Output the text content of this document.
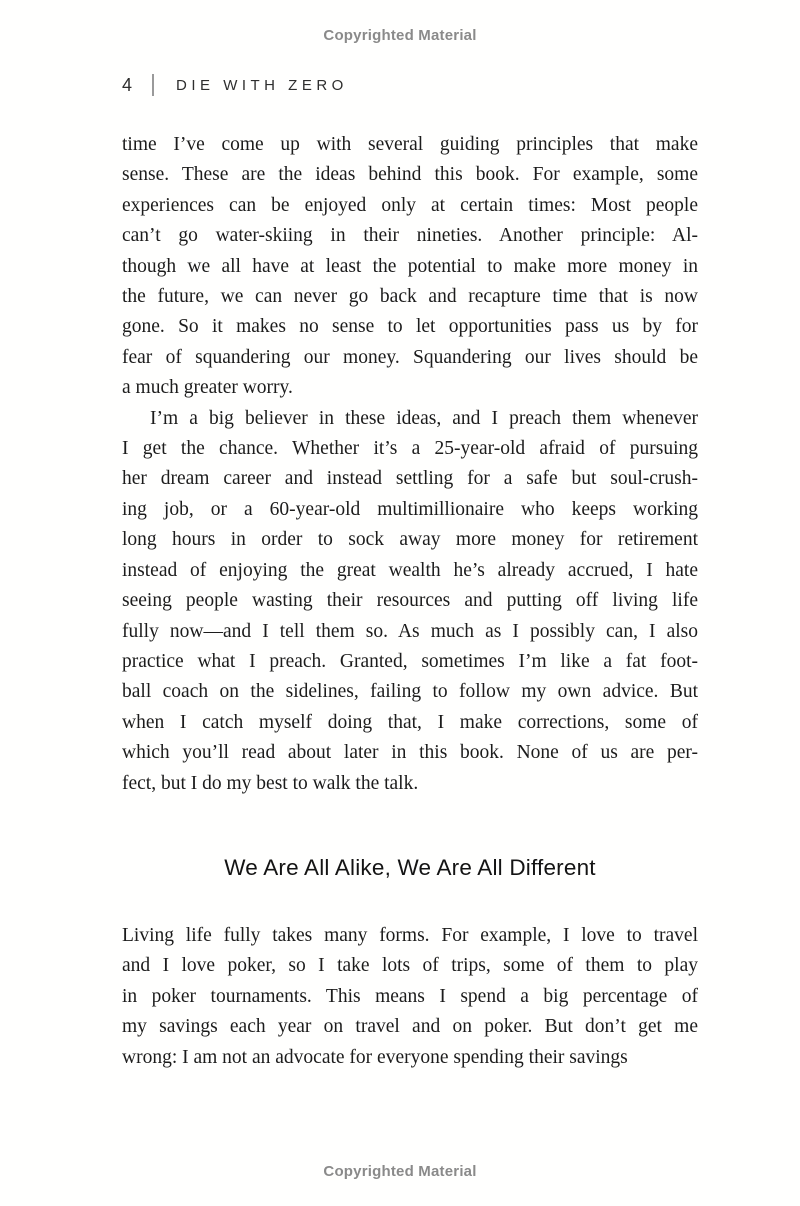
Copyrighted Material
4	DIE WITH ZERO
time I’ve come up with several guiding principles that make
sense. These are the ideas behind this book. For example, some
experiences can be enjoyed only at certain times: Most people
can’t go water-skiing in their nineties. Another principle: Al-
though we all have at least the potential to make more money in
the future, we can never go back and recapture time that is now
gone. So it makes no sense to let opportunities pass us by for
fear of squandering our money. Squandering our lives should be
a much greater worry.
I’m a big believer in these ideas, and I preach them whenever
I get the chance. Whether it’s a 25-year-old afraid of pursuing
her dream career and instead settling for a safe but soul-crush-
ing job, or a 60-year-old multimillionaire who keeps working
long hours in order to sock away more money for retirement
instead of enjoying the great wealth he’s already accrued, I hate
seeing people wasting their resources and putting off living life
fully now—and I tell them so. As much as I possibly can, I also
practice what I preach. Granted, sometimes I’m like a fat foot-
ball coach on the sidelines, failing to follow my own advice. But
when I catch myself doing that, I make corrections, some of
which you’ll read about later in this book. None of us are per-
fect, but I do my best to walk the talk.
We Are All Alike, We Are All Different
Living life fully takes many forms. For example, I love to travel
and I love poker, so I take lots of trips, some of them to play
in poker tournaments. This means I spend a big percentage of
my savings each year on travel and on poker. But don’t get me
wrong: I am not an advocate for everyone spending their savings
Copyrighted Material
